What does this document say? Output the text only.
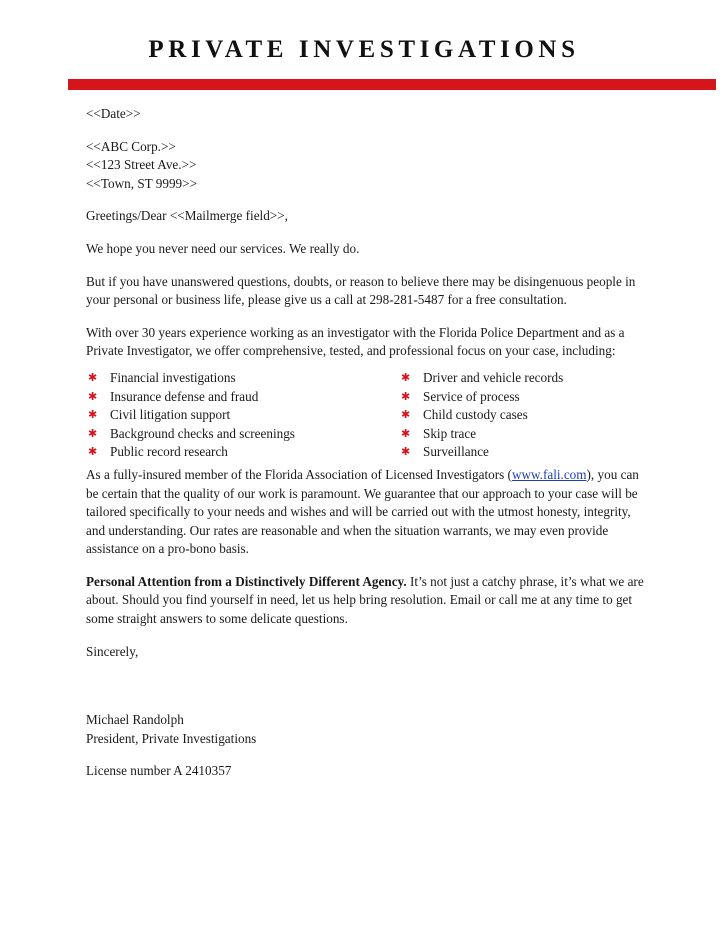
PRIVATE INVESTIGATIONS

<<Date>>

<<ABC Corp.>>

<<123 Street Ave.>>

<<Town, ST 9999>>

Greetings/Dear <<Mailmerge field>>,

We hope you never need our services. We really do.

But if you have unanswered questions, doubts, or reason to believe there may be disingenuous people in your personal or business life, please give us a call at 298-281-5487 for a free consultation.

With over 30 years experience working as an investigator with the Florida Police Department and as a Private Investigator, we offer comprehensive, tested, and professional focus on your case, including:

✱ Financial investigations
✱ Insurance defense and fraud
✱ Civil litigation support
✱ Background checks and screenings
✱ Public record research
✱ Driver and vehicle records
✱ Service of process
✱ Child custody cases
✱ Skip trace
✱ Surveillance

As a fully-insured member of the Florida Association of Licensed Investigators (www.fali.com), you can be certain that the quality of our work is paramount. We guarantee that our approach to your case will be tailored specifically to your needs and wishes and will be carried out with the utmost honesty, integrity, and understanding. Our rates are reasonable and when the situation warrants, we may even provide assistance on a pro-bono basis.

Personal Attention from a Distinctively Different Agency. It’s not just a catchy phrase, it’s what we are about. Should you find yourself in need, let us help bring resolution. Email or call me at any time to get some straight answers to some delicate questions.

Sincerely,

Michael Randolph

President, Private Investigations

License number A 2410357
